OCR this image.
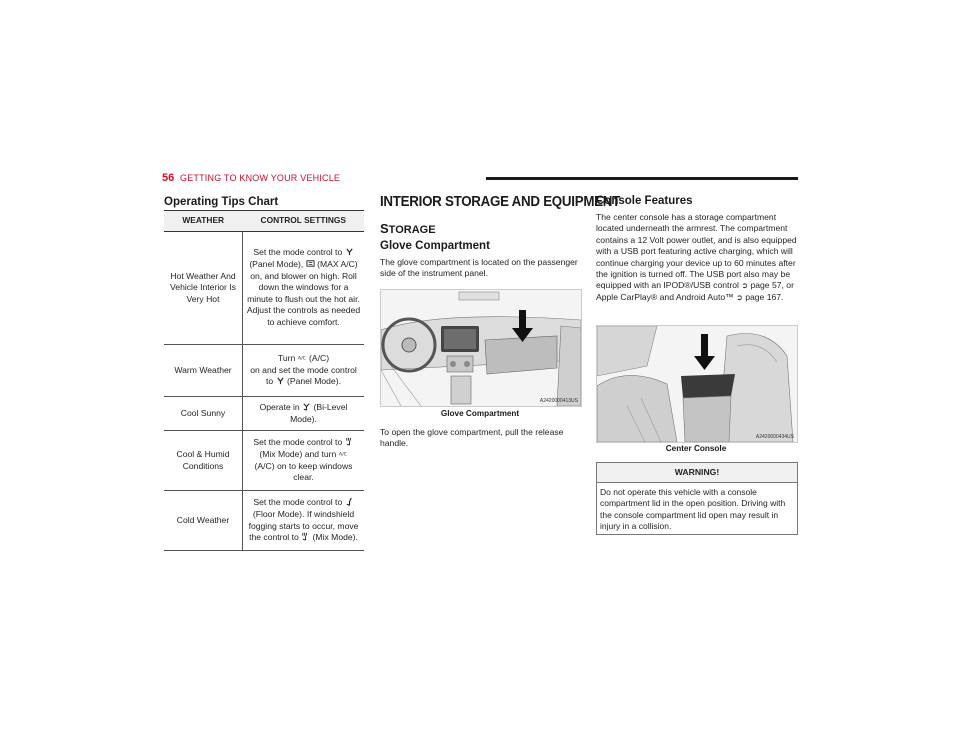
56 GETTING TO KNOW YOUR VEHICLE
Operating Tips Chart
WEATHER	CONTROL SETTINGS
Hot Weather And Vehicle Interior Is Very Hot	Set the mode control to
(Panel Mode), (MAX A/C) on, and blower on high. Roll down the windows for a minute to flush out the hot air. Adjust the controls as needed to achieve comfort.
Warm Weather	Turn A/C (A/C)
on and set the mode control to (Panel Mode).
Cool Sunny	Operate in (Bi-Level Mode).
Cool & Humid Conditions	Set the mode control to
(Mix Mode) and turn A/C

(A/C) on to keep windows clear.
Cold Weather	Set the mode control to  (Floor Mode). If windshield fogging starts to occur, move the control to (Mix Mode).
INTERIOR STORAGE AND EQUIPMENT
STORAGE
Glove Compartment

The glove compartment is located on the passenger side of the instrument panel.

A2420000413US
Glove Compartment

To open the glove compartment, pull the release handle.

Console Features

The center console has a storage compartment located underneath the armrest. The compartment contains a 12 Volt power outlet, and is also equipped with a USB port featuring active charging, which will continue charging your device up to 60 minutes after the ignition is turned off. The USB port also may be equipped with an IPOD®/USB control ➲ page 57, or Apple CarPlay® and Android Auto™ ➲ page 167.

A2420000434US
Center Console
WARNING!
Do not operate this vehicle with a console compartment lid in the open position. Driving with the console compartment lid open may result in injury in a collision.
